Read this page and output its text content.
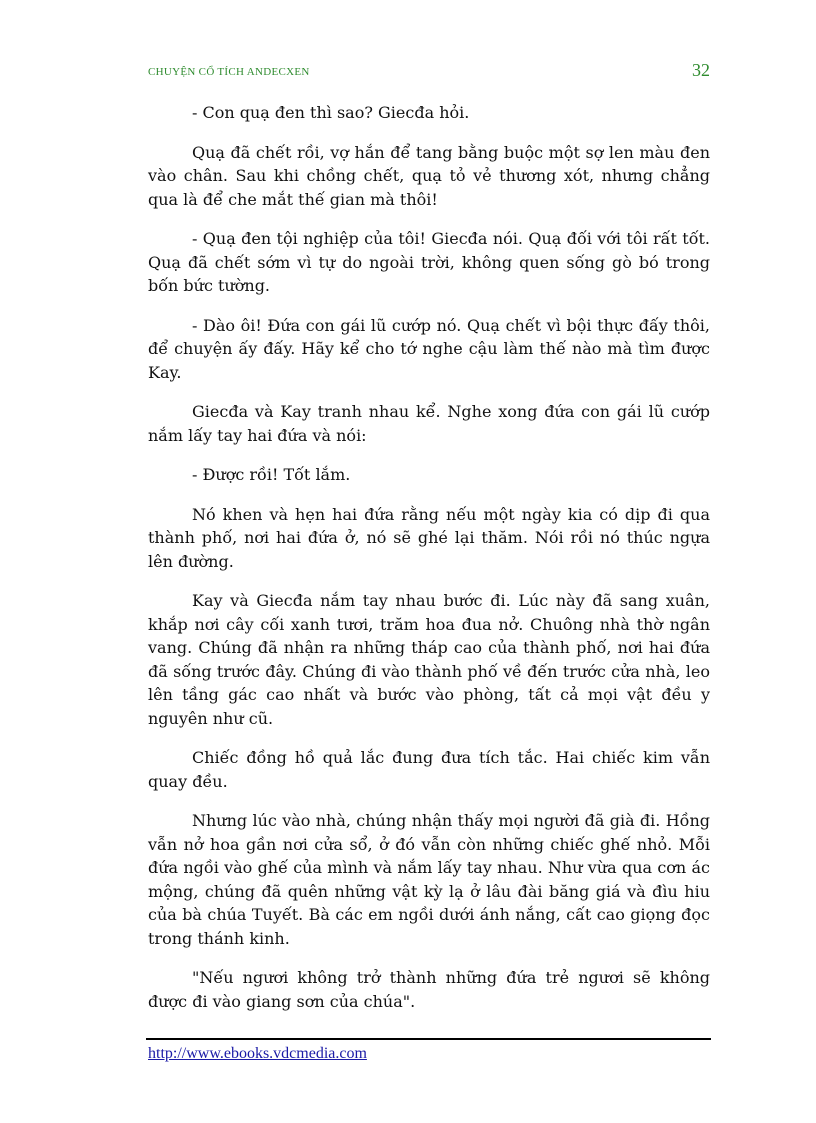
CHUYỆN CỔ TÍCH ANDECXEN	32

- Con quạ đen thì sao? Giecđa hỏi.

Quạ đã chết rồi, vợ hắn để tang bằng buộc một sợ len màu đen vào chân. Sau khi chồng chết, quạ tỏ vẻ thương xót, nhưng chẳng qua là để che mắt thế gian mà thôi!

- Quạ đen tội nghiệp của tôi! Giecđa nói. Quạ đối với tôi rất tốt. Quạ đã chết sớm vì tự do ngoài trời, không quen sống gò bó trong bốn bức tường.

- Dào ôi! Đứa con gái lũ cướp nó. Quạ chết vì bội thực đấy thôi, để chuyện ấy đấy. Hãy kể cho tớ nghe cậu làm thế nào mà tìm được Kay.

Giecđa và Kay tranh nhau kể. Nghe xong đứa con gái lũ cướp nắm lấy tay hai đứa và nói:

- Được rồi! Tốt lắm.

Nó khen và hẹn hai đứa rằng nếu một ngày kia có dịp đi qua thành phố, nơi hai đứa ở, nó sẽ ghé lại thăm. Nói rồi nó thúc ngựa lên đường.

Kay và Giecđa nắm tay nhau bước đi. Lúc này đã sang xuân, khắp nơi cây cối xanh tươi, trăm hoa đua nở. Chuông nhà thờ ngân vang. Chúng đã nhận ra những tháp cao của thành phố, nơi hai đứa đã sống trước đây. Chúng đi vào thành phố về đến trước cửa nhà, leo lên tầng gác cao nhất và bước vào phòng, tất cả mọi vật đều y nguyên như cũ.

Chiếc đồng hồ quả lắc đung đưa tích tắc. Hai chiếc kim vẫn quay đều.

Nhưng lúc vào nhà, chúng nhận thấy mọi người đã già đi. Hồng vẫn nở hoa gần nơi cửa sổ, ở đó vẫn còn những chiếc ghế nhỏ. Mỗi đứa ngồi vào ghế của mình và nắm lấy tay nhau. Như vừa qua cơn ác mộng, chúng đã quên những vật kỳ lạ ở lâu đài băng giá và đìu hiu của bà chúa Tuyết. Bà các em ngồi dưới ánh nắng, cất cao giọng đọc trong thánh kinh.

"Nếu ngươi không trở thành những đứa trẻ ngươi sẽ không được đi vào giang sơn của chúa".

http://www.ebooks.vdcmedia.com
